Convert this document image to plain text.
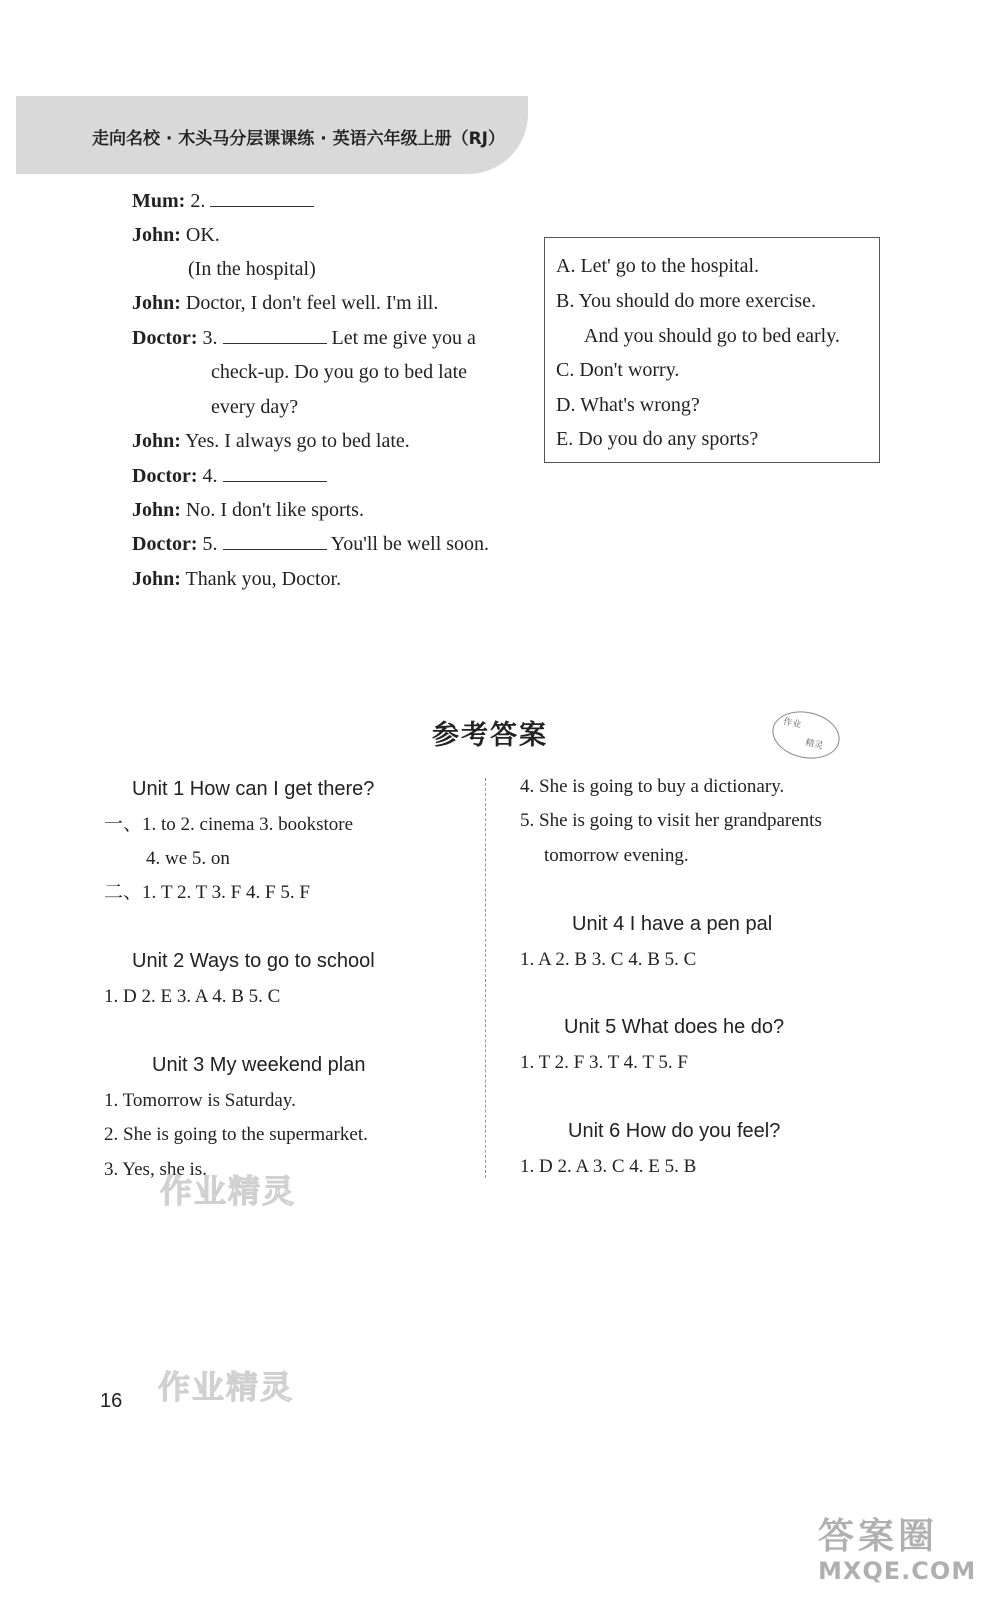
走向名校 · 木头马分层课课练 · 英语六年级上册（RJ）
Mum: 2.
John: OK.
(In the hospital)
John: Doctor, I don't feel well. I'm ill.
Doctor: 3.	Let me give you a
check-up. Do you go to bed late
every day?
John: Yes. I always go to bed late.
Doctor: 4.
John: No. I don't like sports.
Doctor: 5.	You'll be well soon.
John: Thank you, Doctor.
A. Let' go to the hospital.
B. You should do more exercise.
And you should go to bed early.
C. Don't worry.
D. What's wrong?
E. Do you do any sports?
参考答案	作业
精灵
Unit 1 How can I get there?
一、1. to 2. cinema 3. bookstore
4. we 5. on
二、1. T 2. T 3. F 4. F 5. F
Unit 2 Ways to go to school
1. D 2. E 3. A 4. B 5. C
Unit 3 My weekend plan
1. Tomorrow is Saturday.
2. She is going to the supermarket.
3. Yes, she is.
4. She is going to buy a dictionary.
5. She is going to visit her grandparents
tomorrow evening.
Unit 4 I have a pen pal
1. A 2. B 3. C 4. B 5. C
Unit 5 What does he do?
1. T 2. F 3. T 4. T 5. F
Unit 6 How do you feel?
1. D 2. A 3. C 4. E 5. B
作业精灵
作业精灵
16
答案圈
MXQE.COM
